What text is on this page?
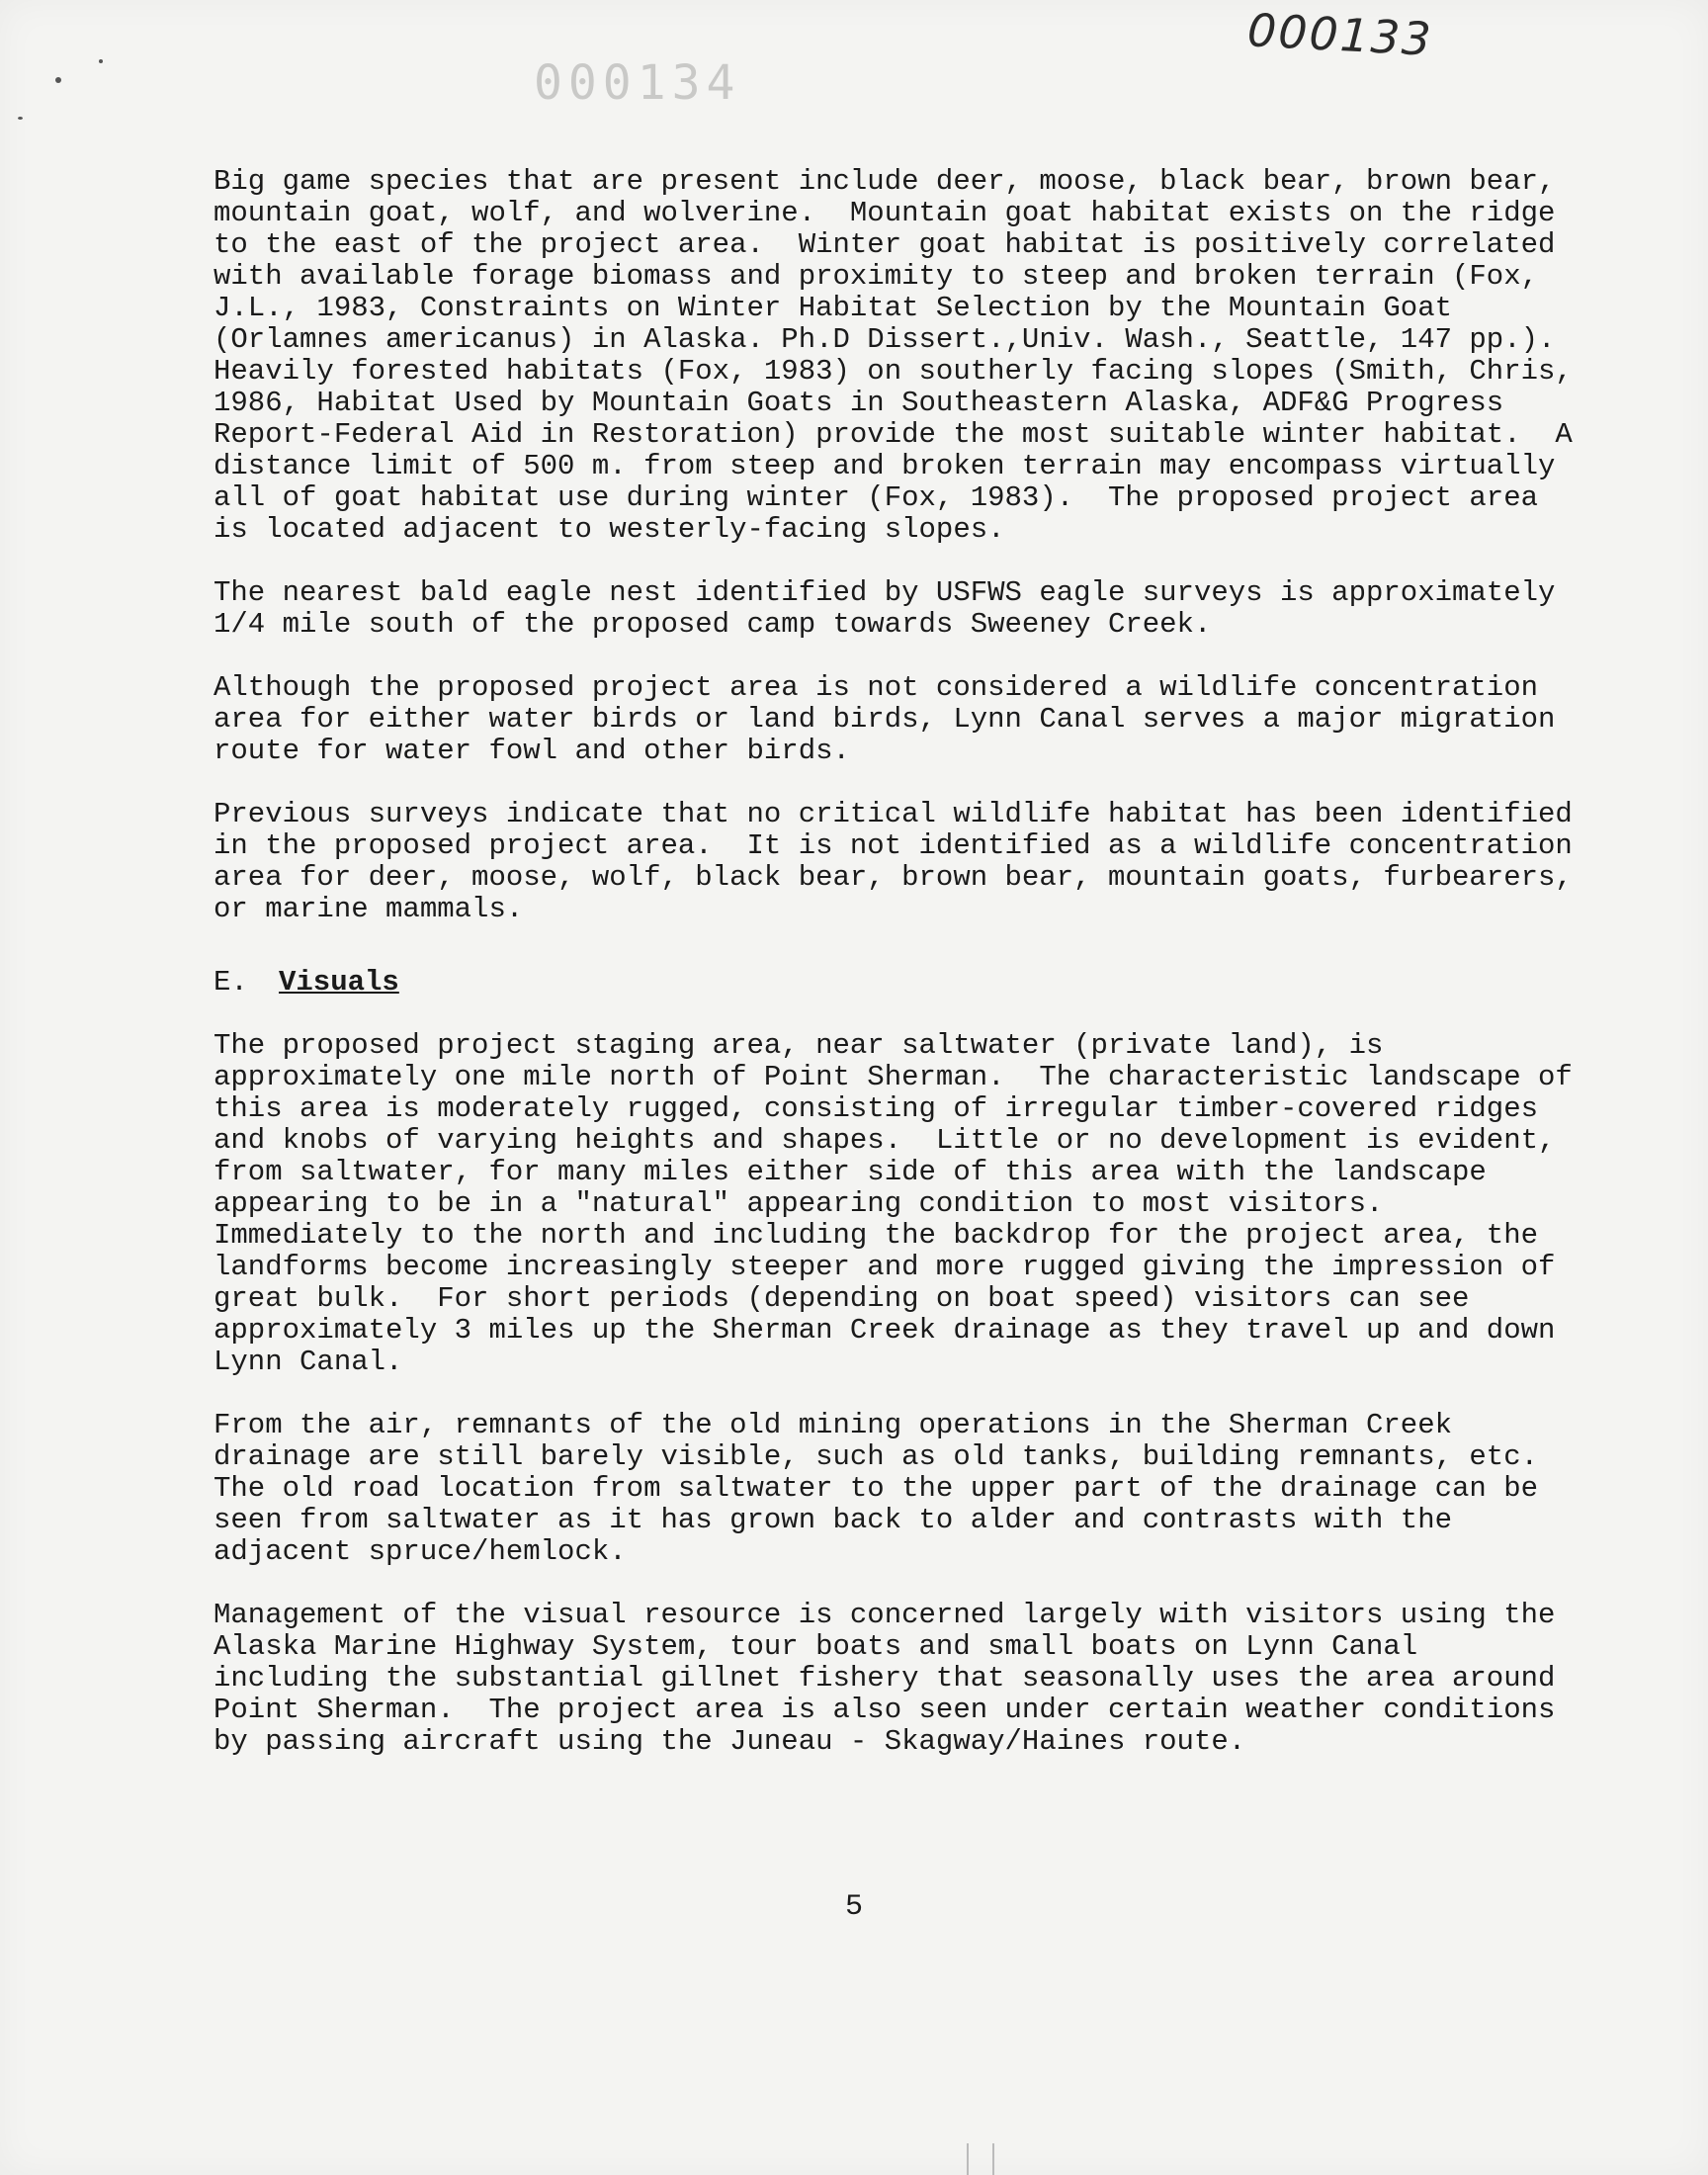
000133
000134

Big game species that are present include deer, moose, black bear, brown bear,
mountain goat, wolf, and wolverine.  Mountain goat habitat exists on the ridge
to the east of the project area.  Winter goat habitat is positively correlated
with available forage biomass and proximity to steep and broken terrain (Fox,
J.L., 1983, Constraints on Winter Habitat Selection by the Mountain Goat
(Orlamnes americanus) in Alaska. Ph.D Dissert.,Univ. Wash., Seattle, 147 pp.).
Heavily forested habitats (Fox, 1983) on southerly facing slopes (Smith, Chris,
1986, Habitat Used by Mountain Goats in Southeastern Alaska, ADF&G Progress
Report-Federal Aid in Restoration) provide the most suitable winter habitat.  A
distance limit of 500 m. from steep and broken terrain may encompass virtually
all of goat habitat use during winter (Fox, 1983).  The proposed project area
is located adjacent to westerly-facing slopes.

The nearest bald eagle nest identified by USFWS eagle surveys is approximately
1/4 mile south of the proposed camp towards Sweeney Creek.

Although the proposed project area is not considered a wildlife concentration
area for either water birds or land birds, Lynn Canal serves a major migration
route for water fowl and other birds.

Previous surveys indicate that no critical wildlife habitat has been identified
in the proposed project area.  It is not identified as a wildlife concentration
area for deer, moose, wolf, black bear, brown bear, mountain goats, furbearers,
or marine mammals.

E. Visuals

The proposed project staging area, near saltwater (private land), is
approximately one mile north of Point Sherman.  The characteristic landscape of
this area is moderately rugged, consisting of irregular timber-covered ridges
and knobs of varying heights and shapes.  Little or no development is evident,
from saltwater, for many miles either side of this area with the landscape
appearing to be in a "natural" appearing condition to most visitors.
Immediately to the north and including the backdrop for the project area, the
landforms become increasingly steeper and more rugged giving the impression of
great bulk.  For short periods (depending on boat speed) visitors can see
approximately 3 miles up the Sherman Creek drainage as they travel up and down
Lynn Canal.

From the air, remnants of the old mining operations in the Sherman Creek
drainage are still barely visible, such as old tanks, building remnants, etc.
The old road location from saltwater to the upper part of the drainage can be
seen from saltwater as it has grown back to alder and contrasts with the
adjacent spruce/hemlock.

Management of the visual resource is concerned largely with visitors using the
Alaska Marine Highway System, tour boats and small boats on Lynn Canal
including the substantial gillnet fishery that seasonally uses the area around
Point Sherman.  The project area is also seen under certain weather conditions
by passing aircraft using the Juneau - Skagway/Haines route.

5
